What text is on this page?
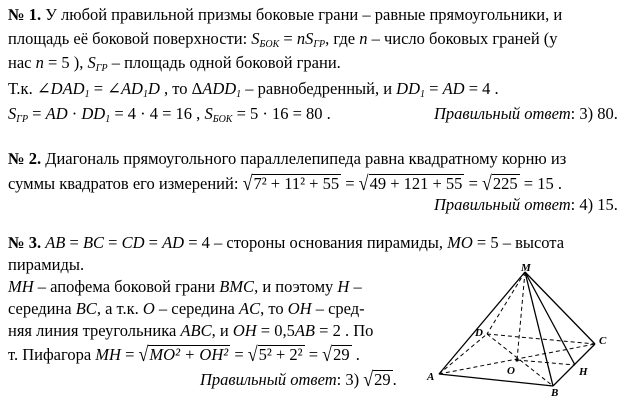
№ 1. У любой правильной призмы боковые грани – равные прямоугольники, и
площадь её боковой поверхности: $S_{БОК} = nS_{ГР}$, где n – число боковых граней (у
нас n = 5 ), $S_{ГР}$ – площадь одной боковой грани.
Т.к. $\angle DAD_1$ = $\angle AD_1D$ , то $\Delta ADD_1$ – равнобедренный, и $DD_1$ = AD = 4 .
$S_{ГР}$ = AD · $DD_1 = 4 \cdot 4 = 16$ , $S_{БОК} = 5 \cdot 16 = 80$ .	Правильный ответ: 3) 80.
№ 2. Диагональ прямоугольного параллелепипеда равна квадратному корню из
суммы квадратов его измерений: √7² + 11² + 55 = √49 + 121 + 55 = √225 = 15 .
Правильный ответ: 4) 15.
№ 3. AB = BC = CD = AD = 4 – стороны основания пирамиды, MO = 5 – высота
пирамиды.
MH – апофема боковой грани BMC, и поэтому H –
середина BC, а т.к. O – середина AC, то OH – сред-
няя линия треугольника ABC, и OH = 0,5AB = 2 . По
т. Пифагора MH = √MO² + OH² = √5² + 2² = √29 .
Правильный ответ: 3) √29 .
M
A
B
C
D
O	H
